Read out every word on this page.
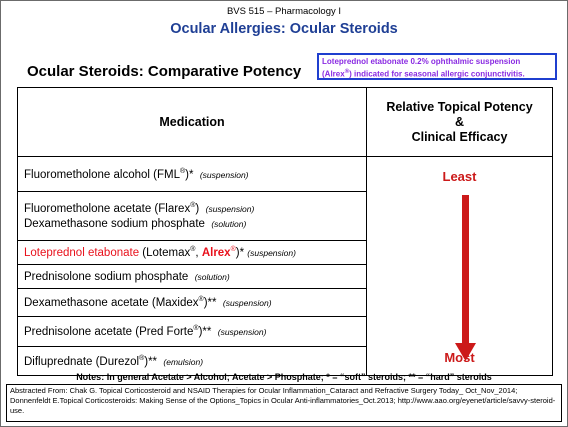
BVS 515 – Pharmacology I
Ocular Allergies: Ocular Steroids
Ocular Steroids: Comparative Potency
Loteprednol etabonate 0.2% ophthalmic suspension
(Alrex®) indicated for seasonal allergic conjunctivitis.
Medication	Relative Topical Potency
&
Clinical Efficacy

Fluorometholone alcohol (FML®)* (suspension)	Least
Most

Fluorometholone acetate (Flarex®) (suspension)
Dexamethasone sodium phosphate (solution)	

Loteprednol etabonate (Lotemax®, Alrex®)* (suspension)	
Prednisolone sodium phosphate (solution)	
Dexamethasone acetate (Maxidex®)** (suspension)	
Prednisolone acetate (Pred Forte®)** (suspension)	
Difluprednate (Durezol®)** (emulsion)	
Notes: In general Acetate > Alcohol; Acetate > Phosphate; * = “soft” steroids; ** = “hard” steroids
Abstracted From: Chak G. Topical Corticosteroid and NSAID Therapies for Ocular Inflammation_Cataract and Refractive Surgery Today_ Oct_Nov_2014; Donnenfeldt E.Topical Corticosteroids: Making Sense of the Options_Topics in Ocular Anti-inflammatories_Oct.2013; http://www.aao.org/eyenet/article/savvy-steroid-use.
